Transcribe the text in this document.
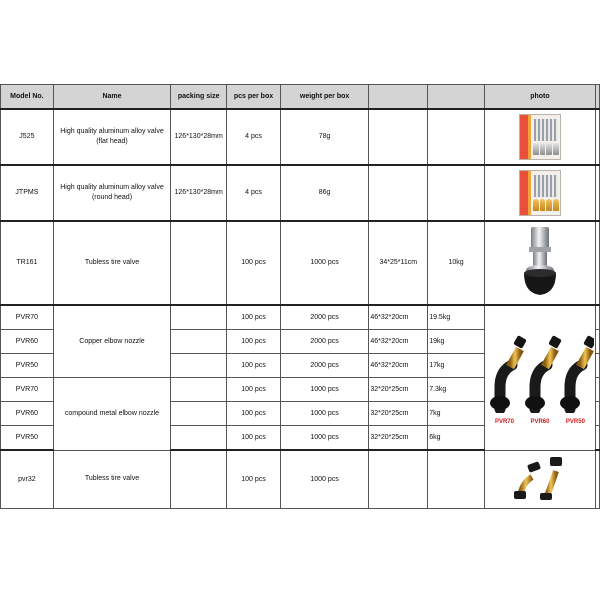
Model No.	Name	packing size	pcs per box	weight per box			photo	
J525	High quality aluminum alloy valve (flat head)	126*130*28mm	4 pcs	78g			

JTPMS	High quality aluminum alloy valve (round head)	126*130*28mm	4 pcs	86g			

TR161	Tubless tire valve		100 pcs	1000 pcs	34*25*11cm	10kg		
PVR70	Copper elbow nozzle		100 pcs	2000 pcs	46*32*20cm	19.5kg	PVR70 PVR60 PVR50	

PVR60			100 pcs	2000 pcs	46*32*20cm	19kg		
PVR50			100 pcs	2000 pcs	46*32*20cm	17kg		
PVR70	compound metal elbow nozzle		100 pcs	1000 pcs	32*20*25cm	7.3kg		
PVR60			100 pcs	1000 pcs	32*20*25cm	7kg		
PVR50			100 pcs	1000 pcs	32*20*25cm	6kg		
pvr32	Tubless tire valve		100 pcs	1000 pcs				
